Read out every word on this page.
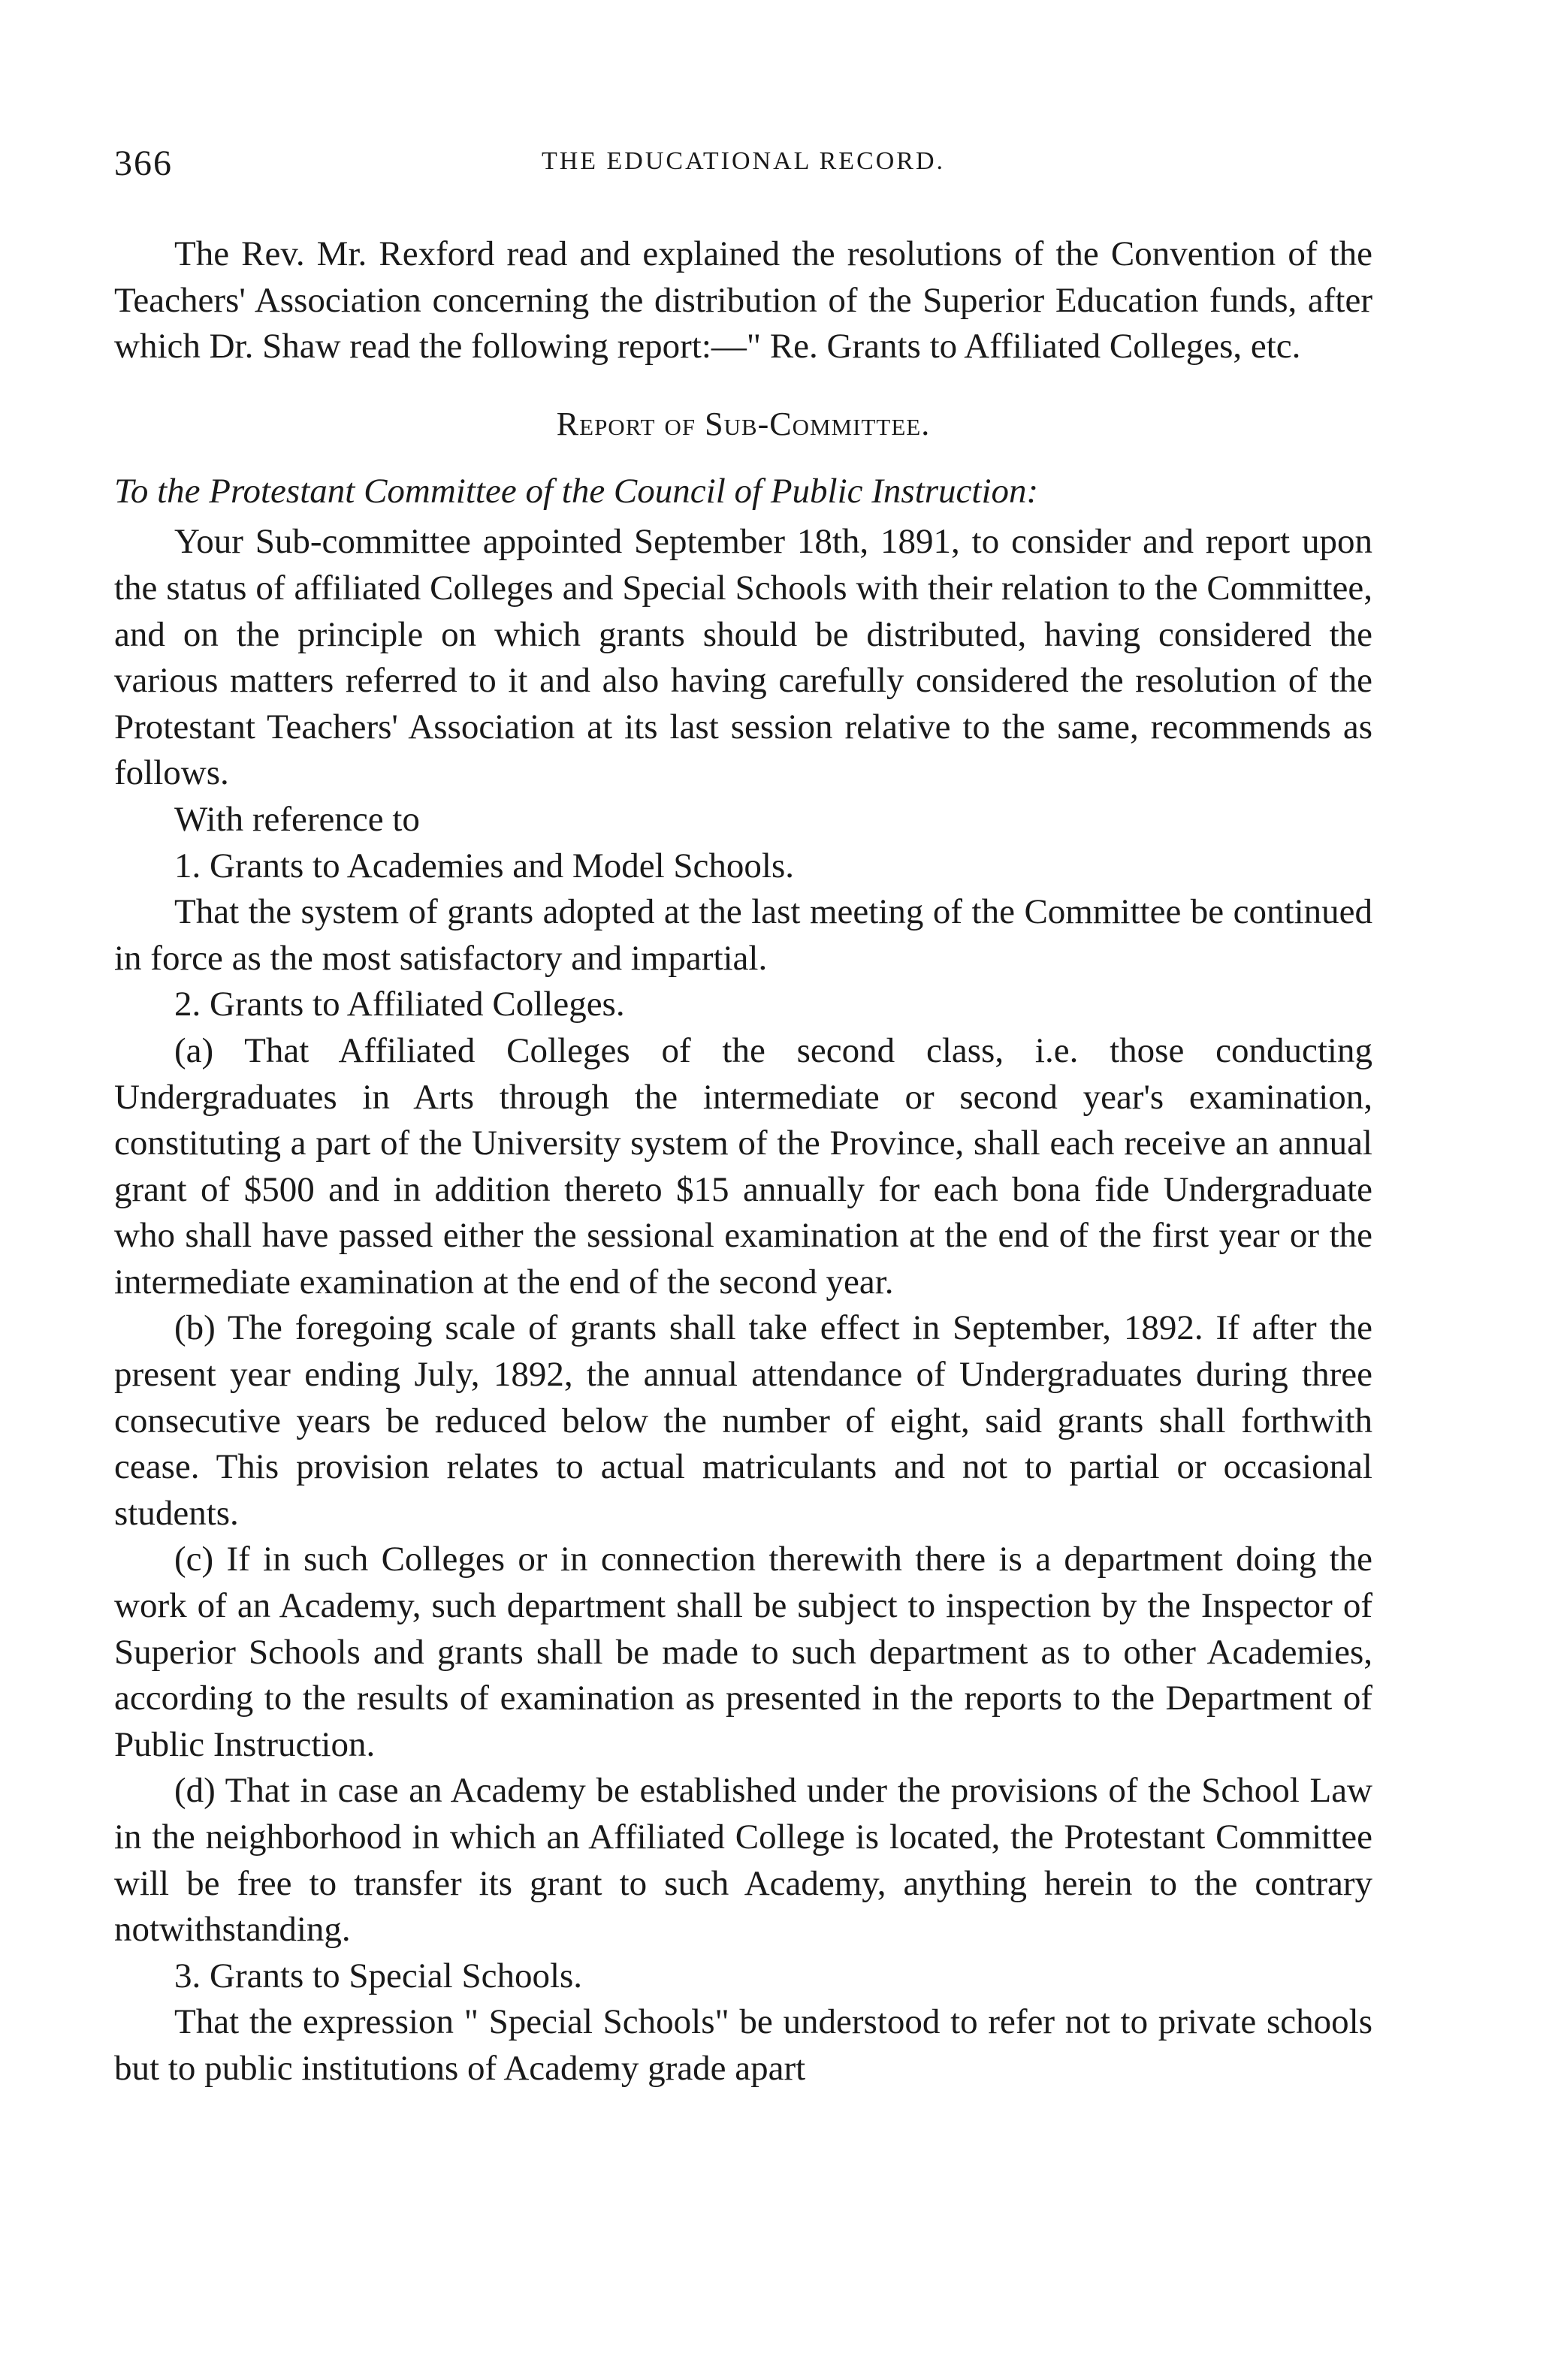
366	THE EDUCATIONAL RECORD.

The Rev. Mr. Rexford read and explained the resolutions of the Convention of the Teachers' Association concerning the distribution of the Superior Education funds, after which Dr. Shaw read the following report:—" Re. Grants to Affiliated Colleges, etc.

Report of Sub-Committee.
To the Protestant Committee of the Council of Public Instruction:

Your Sub-committee appointed September 18th, 1891, to consider and report upon the status of affiliated Colleges and Special Schools with their relation to the Committee, and on the principle on which grants should be distributed, having considered the various matters referred to it and also having carefully considered the resolution of the Protestant Teachers' Association at its last session relative to the same, recommends as follows.

With reference to

1. Grants to Academies and Model Schools.

That the system of grants adopted at the last meeting of the Committee be continued in force as the most satisfactory and impartial.

2. Grants to Affiliated Colleges.

(a) That Affiliated Colleges of the second class, i.e. those conducting Undergraduates in Arts through the intermediate or second year's examination, constituting a part of the University system of the Province, shall each receive an annual grant of $500 and in addition thereto $15 annually for each bona fide Undergraduate who shall have passed either the sessional examination at the end of the first year or the intermediate examination at the end of the second year.

(b) The foregoing scale of grants shall take effect in September, 1892. If after the present year ending July, 1892, the annual attendance of Undergraduates during three consecutive years be reduced below the number of eight, said grants shall forthwith cease. This provision relates to actual matriculants and not to partial or occasional students.

(c) If in such Colleges or in connection therewith there is a department doing the work of an Academy, such department shall be subject to inspection by the Inspector of Superior Schools and grants shall be made to such department as to other Academies, according to the results of examination as presented in the reports to the Department of Public Instruction.

(d) That in case an Academy be established under the provisions of the School Law in the neighborhood in which an Affiliated College is located, the Protestant Committee will be free to transfer its grant to such Academy, anything herein to the contrary notwithstanding.

3. Grants to Special Schools.

That the expression " Special Schools" be understood to refer not to private schools but to public institutions of Academy grade apart
